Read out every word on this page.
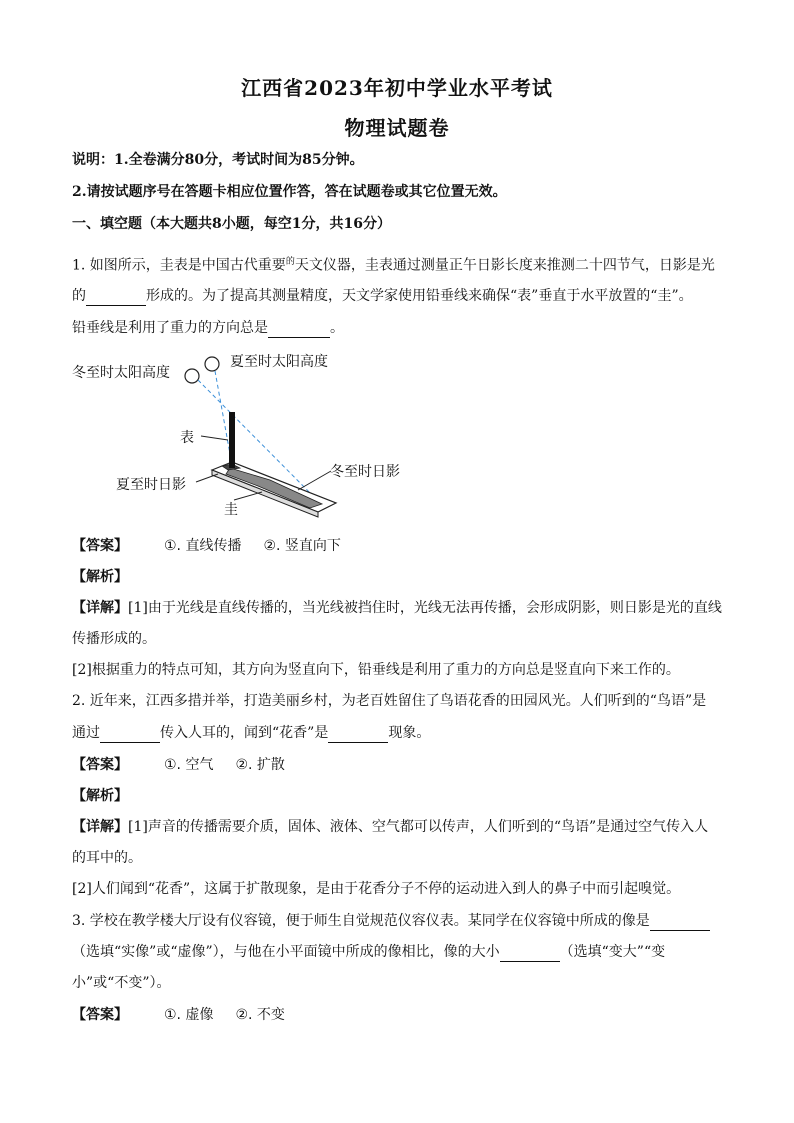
江西省2023年初中学业水平考试
物理试题卷
说明：1.全卷满分80分，考试时间为85分钟。
2.请按试题序号在答题卡相应位置作答，答在试题卷或其它位置无效。
一、填空题（本大题共8小题，每空1分，共16分）
1. 如图所示，圭表是中国古代重要$^的$天文仪器，圭表通过测量正午日影长度来推测二十四节气，日影是光
的	形成的。为了提高其测量精度，天文学家使用铅垂线来确保“表”垂直于水平放置的“圭”。
铅垂线是利用了重力的方向总是	。
冬至时太阳高度
夏至时太阳高度
表
冬至时日影
夏至时日影
圭
【答案】	①. 直线传播 ②. 竖直向下
【解析】
【详解】[1]由于光线是直线传播的，当光线被挡住时，光线无法再传播，会形成阴影，则日影是光的直线
传播形成的。
[2]根据重力的特点可知，其方向为竖直向下，铅垂线是利用了重力的方向总是竖直向下来工作的。
2. 近年来，江西多措并举，打造美丽乡村，为老百姓留住了鸟语花香的田园风光。人们听到的“鸟语”是
通过	传入人耳的，闻到“花香”是	现象。
【答案】	①. 空气 ②. 扩散
【解析】
【详解】[1]声音的传播需要介质，固体、液体、空气都可以传声，人们听到的“鸟语”是通过空气传入人
的耳中的。
[2]人们闻到“花香”，这属于扩散现象，是由于花香分子不停的运动进入到人的鼻子中而引起嗅觉。
3. 学校在教学楼大厅设有仪容镜，便于师生自觉规范仪容仪表。某同学在仪容镜中所成的像是
（选填“实像”或“虚像”），与他在小平面镜中所成的像相比，像的大小	（选填“变大”“变
小”或“不变”）。
【答案】	①. 虚像 ②. 不变
